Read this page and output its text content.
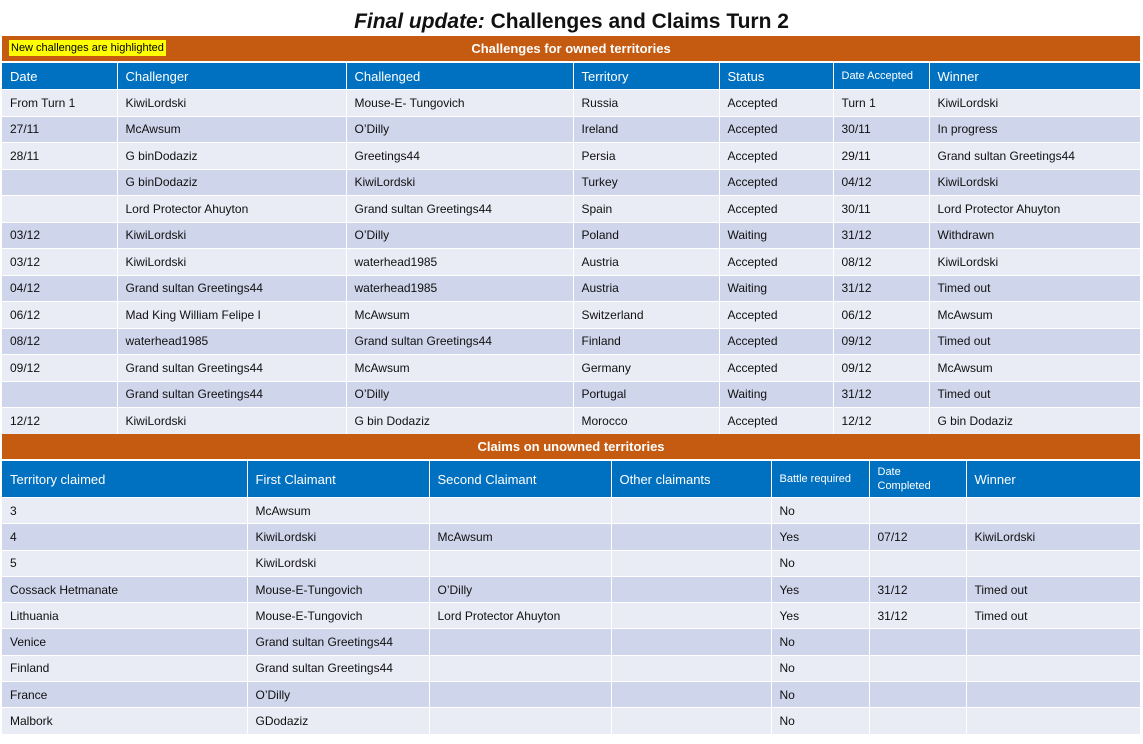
Final update: Challenges and Claims Turn 2
Challenges for owned territories
New challenges are highlighted
Date	Challenger	Challenged	Territory	Status	Date Accepted	Winner
From Turn 1	KiwiLordski	Mouse-E- Tungovich	Russia	Accepted	Turn 1	KiwiLordski
27/11	McAwsum	O’Dilly	Ireland	Accepted	30/11	In progress
28/11	G binDodaziz	Greetings44	Persia	Accepted	29/11	Grand sultan Greetings44
	G binDodaziz	KiwiLordski	Turkey	Accepted	04/12	KiwiLordski
	Lord Protector Ahuyton	Grand sultan Greetings44	Spain	Accepted	30/11	Lord Protector Ahuyton
03/12	KiwiLordski	O’Dilly	Poland	Waiting	31/12	Withdrawn
03/12	KiwiLordski	waterhead1985	Austria	Accepted	08/12	KiwiLordski
04/12	Grand sultan Greetings44	waterhead1985	Austria	Waiting	31/12	Timed out
06/12	Mad King William Felipe I	McAwsum	Switzerland	Accepted	06/12	McAwsum
08/12	waterhead1985	Grand sultan Greetings44	Finland	Accepted	09/12	Timed out
09/12	Grand sultan Greetings44	McAwsum	Germany	Accepted	09/12	McAwsum
	Grand sultan Greetings44	O’Dilly	Portugal	Waiting	31/12	Timed out
12/12	KiwiLordski	G bin Dodaziz	Morocco	Accepted	12/12	G bin Dodaziz
Claims on unowned territories
Territory claimed	First Claimant	Second Claimant	Other claimants	Battle required	Date Completed	Winner
3	McAwsum			No		
4	KiwiLordski	McAwsum		Yes	07/12	KiwiLordski
5	KiwiLordski			No		
Cossack Hetmanate	Mouse-E-Tungovich	O’Dilly		Yes	31/12	Timed out
Lithuania	Mouse-E-Tungovich	Lord Protector Ahuyton		Yes	31/12	Timed out
Venice	Grand sultan Greetings44			No		
Finland	Grand sultan Greetings44			No		
France	O’Dilly			No		
Malbork	GDodaziz			No		
